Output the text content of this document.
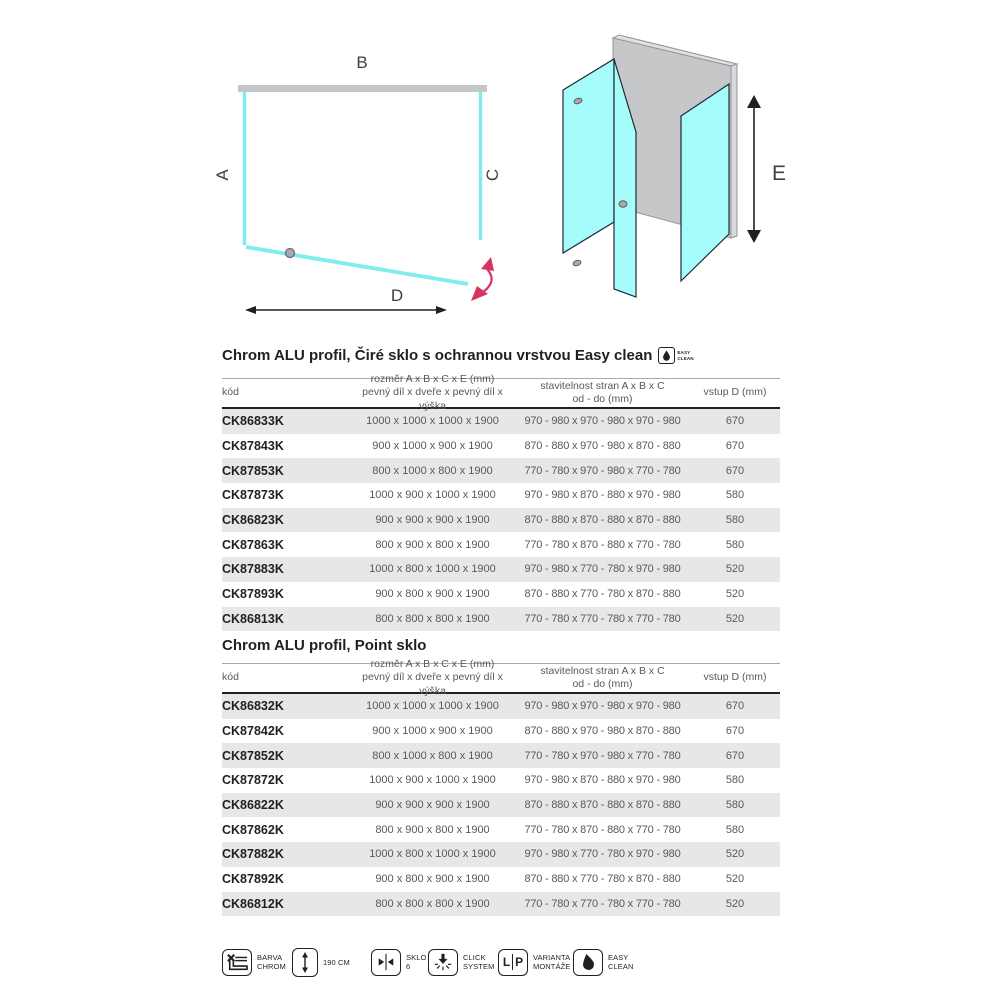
B
A	C
D
E
Chrom ALU profil, Čiré sklo s ochrannou vrstvou Easy clean	EASY
CLEAN
kód
rozměr A x B x C x E (mm)
pevný díl x dveře x pevný díl x výška
stavitelnost stran A x B x C
od - do (mm)
vstup D (mm)
CK86833K	1000 x 1000 x 1000 x 1900	970 - 980 x 970 - 980 x 970 - 980	670
CK87843K	900 x 1000 x 900 x 1900	870 - 880 x 970 - 980 x 870 - 880	670
CK87853K	800 x 1000 x 800 x 1900	770 - 780 x 970 - 980 x 770 - 780	670
CK87873K	1000 x 900 x 1000 x 1900	970 - 980 x 870 - 880 x 970 - 980	580
CK86823K	900 x 900 x 900 x 1900	870 - 880 x 870 - 880 x 870 - 880	580
CK87863K	800 x 900 x 800 x 1900	770 - 780 x 870 - 880 x 770 - 780	580
CK87883K	1000 x 800 x 1000 x 1900	970 - 980 x 770 - 780 x 970 - 980	520
CK87893K	900 x 800 x 900 x 1900	870 - 880 x 770 - 780 x 870 - 880	520
CK86813K	800 x 800 x 800 x 1900	770 - 780 x 770 - 780 x 770 - 780	520
Chrom ALU profil, Point sklo
kód
rozměr A x B x C x E (mm)
pevný díl x dveře x pevný díl x výška
stavitelnost stran A x B x C
od - do (mm)
vstup D (mm)
CK86832K	1000 x 1000 x 1000 x 1900	970 - 980 x 970 - 980 x 970 - 980	670
CK87842K	900 x 1000 x 900 x 1900	870 - 880 x 970 - 980 x 870 - 880	670
CK87852K	800 x 1000 x 800 x 1900	770 - 780 x 970 - 980 x 770 - 780	670
CK87872K	1000 x 900 x 1000 x 1900	970 - 980 x 870 - 880 x 970 - 980	580
CK86822K	900 x 900 x 900 x 1900	870 - 880 x 870 - 880 x 870 - 880	580
CK87862K	800 x 900 x 800 x 1900	770 - 780 x 870 - 880 x 770 - 780	580
CK87882K	1000 x 800 x 1000 x 1900	970 - 980 x 770 - 780 x 970 - 980	520
CK87892K	900 x 800 x 900 x 1900	870 - 880 x 770 - 780 x 870 - 880	520
CK86812K	800 x 800 x 800 x 1900	770 - 780 x 770 - 780 x 770 - 780	520
BARVA
CHROM	190 CM	SKLO
6
CLICK
SYSTEM L P VARIANTA
MONTÁŽE
EASY
CLEAN
